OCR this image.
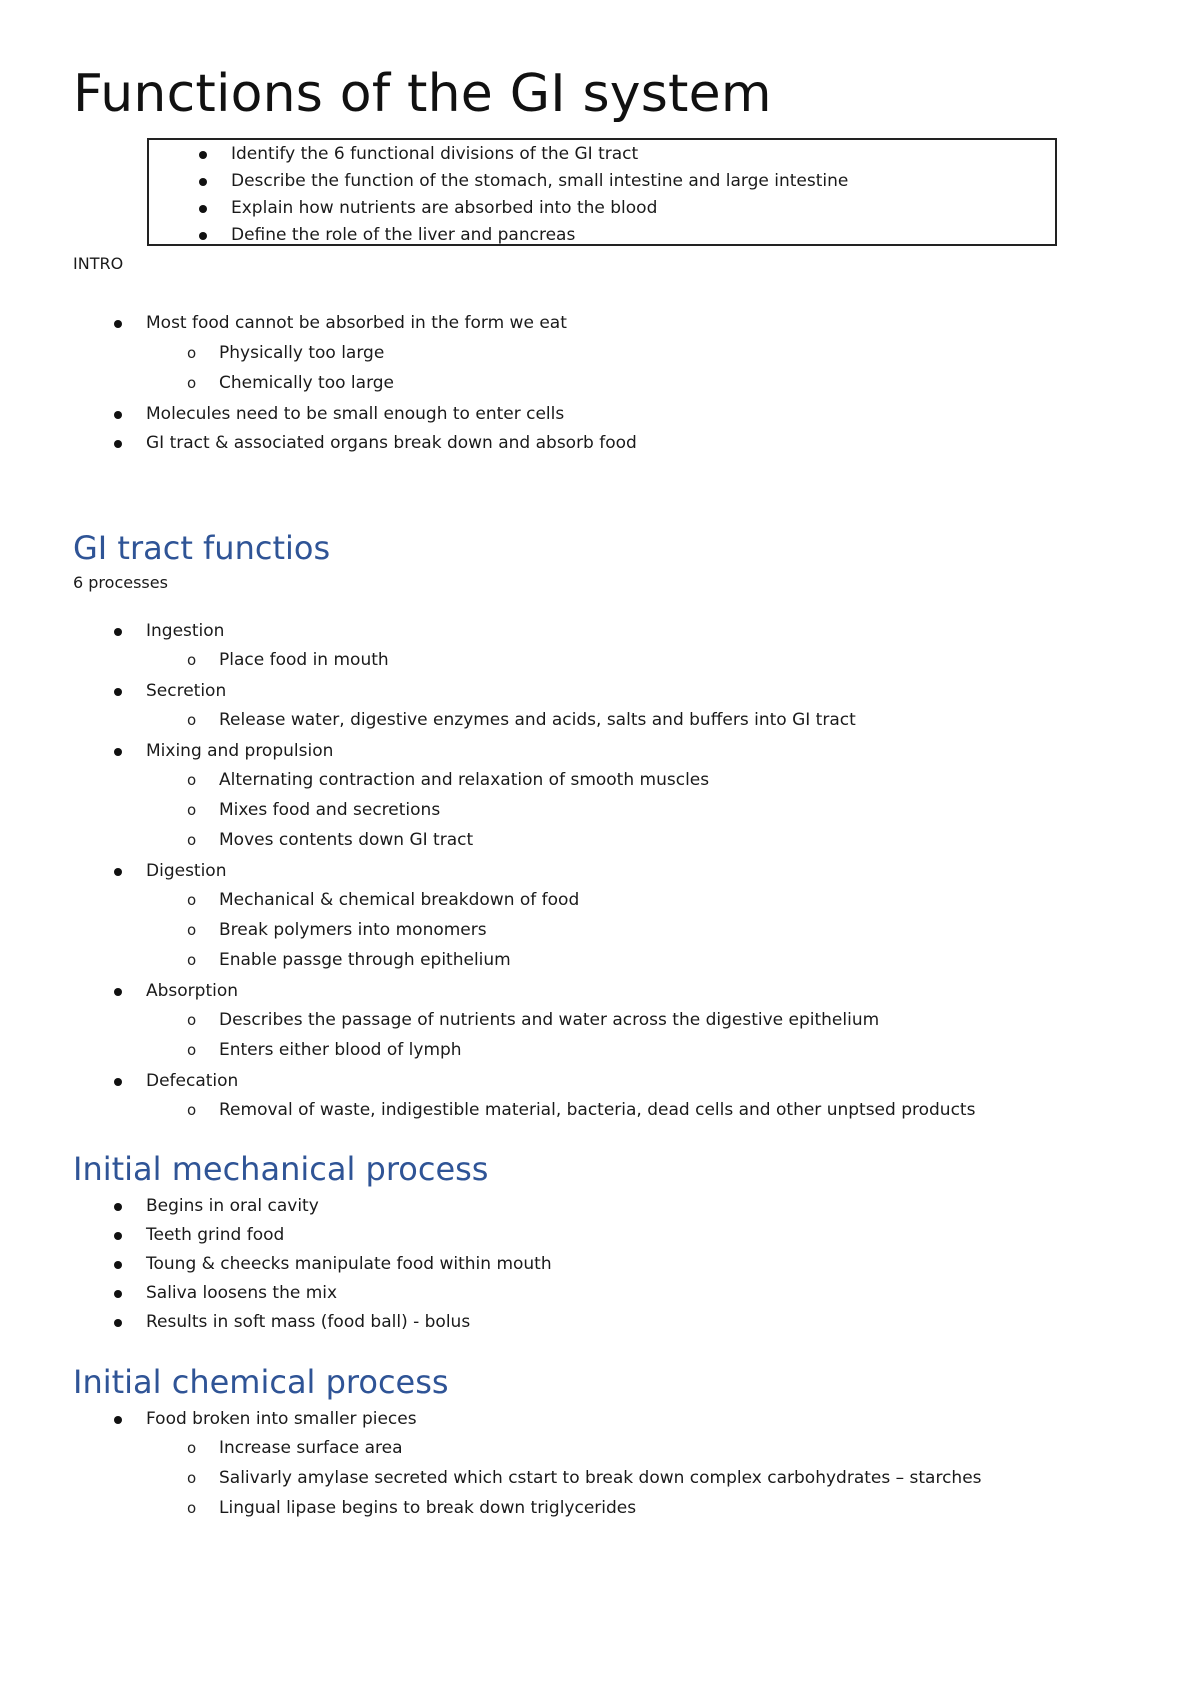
Functions of the GI system
Identify the 6 functional divisions of the GI tract
Describe the function of the stomach, small intestine and large intestine
Explain how nutrients are absorbed into the blood
Define the role of the liver and pancreas
INTRO
Most food cannot be absorbed in the form we eat
o Physically too large
o Chemically too large
Molecules need to be small enough to enter cells
GI tract & associated organs break down and absorb food
GI tract functios
6 processes
Ingestion
o Place food in mouth
Secretion
o Release water, digestive enzymes and acids, salts and buffers into GI tract
Mixing and propulsion
o Alternating contraction and relaxation of smooth muscles
o Mixes food and secretions
o Moves contents down GI tract
Digestion
o Mechanical & chemical breakdown of food
o Break polymers into monomers
o Enable passge through epithelium
Absorption
o Describes the passage of nutrients and water across the digestive epithelium
o Enters either blood of lymph
Defecation
o Removal of waste, indigestible material, bacteria, dead cells and other unptsed products
Initial mechanical process
Begins in oral cavity
Teeth grind food
Toung & cheecks manipulate food within mouth
Saliva loosens the mix
Results in soft mass (food ball) - bolus
Initial chemical process
Food broken into smaller pieces
o Increase surface area
o Salivarly amylase secreted which cstart to break down complex carbohydrates – starches
o Lingual lipase begins to break down triglycerides
